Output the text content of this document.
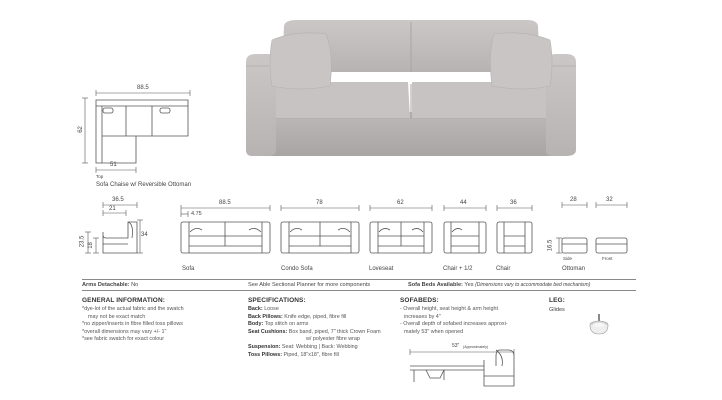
88.5
62
51
Top
Sofa Chaise w/ Reversible Ottoman
36.5
21
34
23.5 18
88.5
4.75
78	62	44	36
Sofa	Condo Sofa	Loveseat	Chair + 1/2	Chair
28	32
16.5
Side	Front
Ottoman
Arms Detachable: No	See Able Sectional Planner for more components	Sofa Beds Available: Yes (Dimensions vary to accommodate bed mechanism)
GENERAL INFORMATION:
*dye-lot of the actual fabric and the swatch
may not be exact match
*no zipper/inserts in fibre filled toss pillows
*overall dimensions may vary +/- 1"
*see fabric swatch for exact colour
SPECIFICATIONS:
Back: Loose
Back Pillows: Knife edge, piped, fibre fill
Body: Top stitch on arms
Seat Cushions: Box band, piped, 7" thick Crown Foam
w/ polyester fibre wrap
Suspension: Seat: Webbing | Back: Webbing
Toss Pillows: Piped, 18"x18", fibre fill
SOFABEDS:
- Overall height, seat height & arm height
increases by 4"
- Overall depth of sofabed increases approxi-
mately 53" when opened
53" (Approximately)
LEG:
Glides
